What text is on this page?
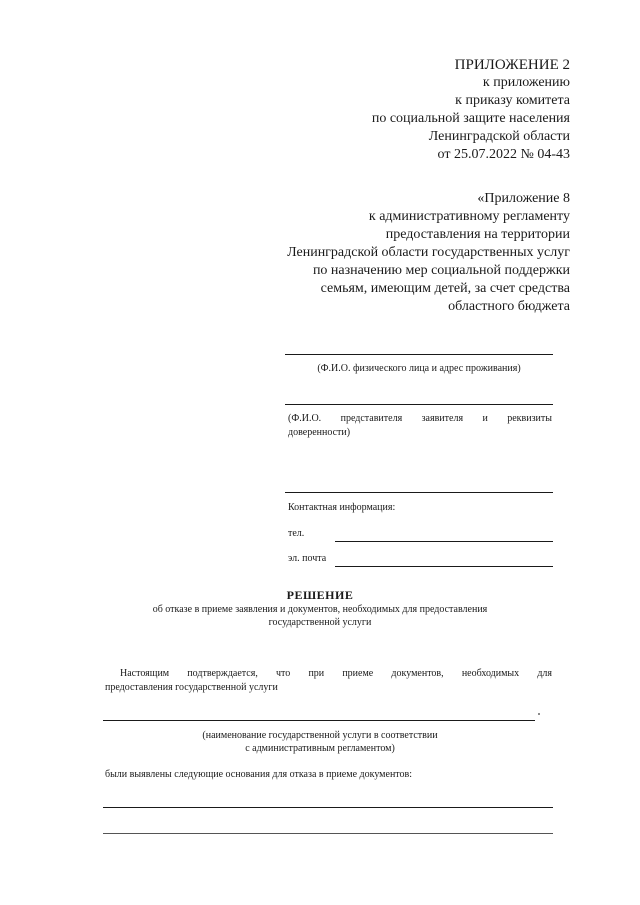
ПРИЛОЖЕНИЕ 2
к приложению
к приказу комитета
по социальной защите населения
Ленинградской области
от 25.07.2022 № 04-43
«Приложение 8
к административному регламенту
предоставления на территории
Ленинградской области государственных услуг
по назначению мер социальной поддержки
семьям, имеющим детей, за счет средства
областного бюджета
(Ф.И.О. физического лица и адрес проживания)
(Ф.И.О. представителя заявителя и реквизиты
доверенности)
Контактная информация:
тел.
эл. почта
РЕШЕНИЕ
об отказе в приеме заявления и документов, необходимых для предоставления
государственной услуги
Настоящим подтверждается, что при приеме документов, необходимых для
предоставления государственной услуги
(наименование государственной услуги в соответствии
с административным регламентом)
были выявлены следующие основания для отказа в приеме документов:
